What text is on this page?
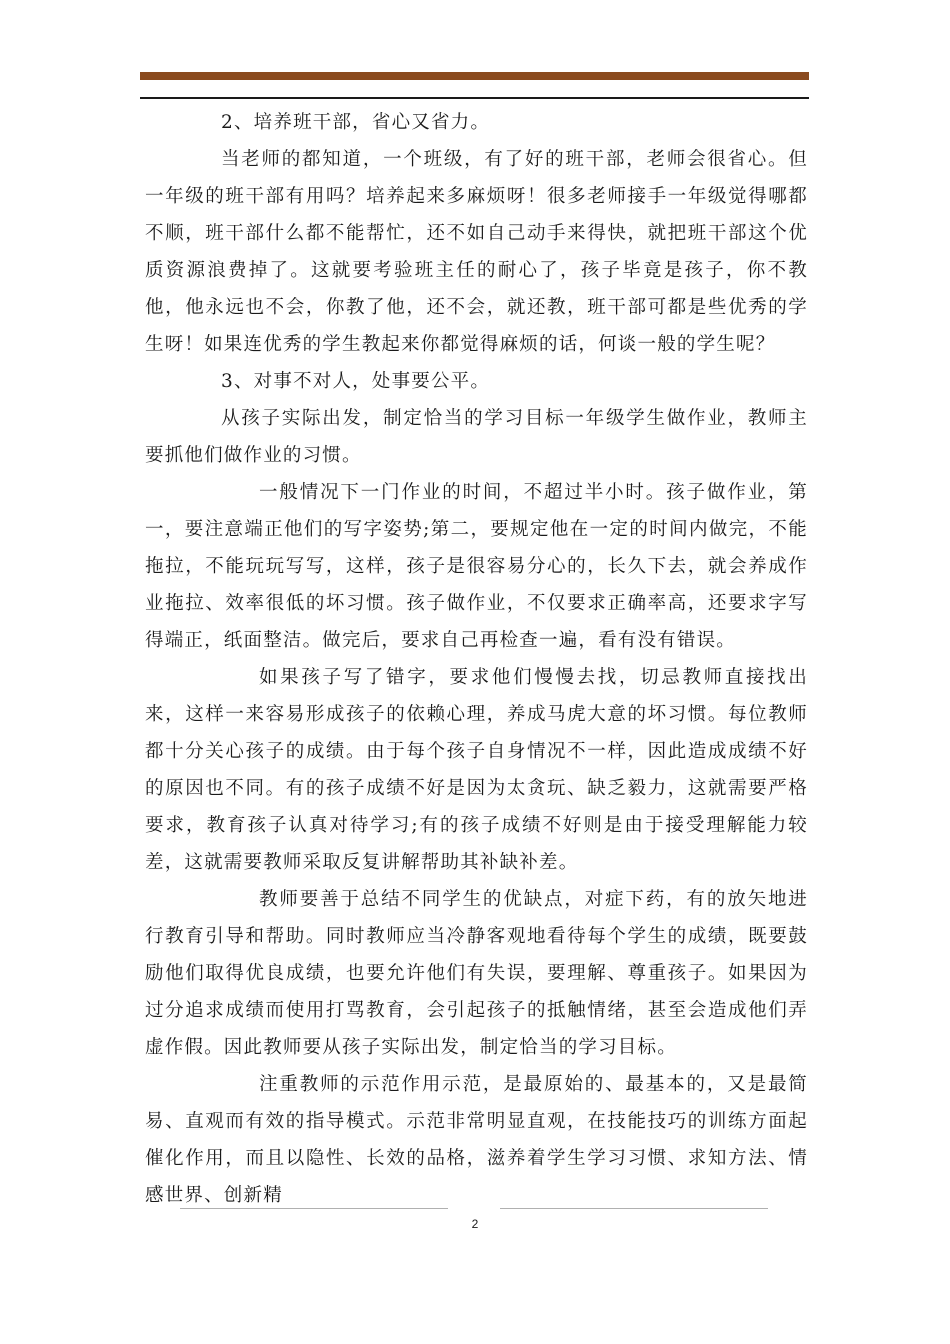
2、培养班干部，省心又省力。

当老师的都知道，一个班级，有了好的班干部，老师会很省心。但一年级的班干部有用吗？培养起来多麻烦呀！很多老师接手一年级觉得哪都不顺，班干部什么都不能帮忙，还不如自己动手来得快，就把班干部这个优质资源浪费掉了。这就要考验班主任的耐心了，孩子毕竟是孩子，你不教他，他永远也不会，你教了他，还不会，就还教，班干部可都是些优秀的学生呀！如果连优秀的学生教起来你都觉得麻烦的话，何谈一般的学生呢？

3、对事不对人，处事要公平。

从孩子实际出发，制定恰当的学习目标一年级学生做作业，教师主要抓他们做作业的习惯。

一般情况下一门作业的时间，不超过半小时。孩子做作业，第一，要注意端正他们的写字姿势;第二，要规定他在一定的时间内做完，不能拖拉，不能玩玩写写，这样，孩子是很容易分心的，长久下去，就会养成作业拖拉、效率很低的坏习惯。孩子做作业，不仅要求正确率高，还要求字写得端正，纸面整洁。做完后，要求自己再检查一遍，看有没有错误。

如果孩子写了错字，要求他们慢慢去找，切忌教师直接找出来，这样一来容易形成孩子的依赖心理，养成马虎大意的坏习惯。每位教师都十分关心孩子的成绩。由于每个孩子自身情况不一样，因此造成成绩不好的原因也不同。有的孩子成绩不好是因为太贪玩、缺乏毅力，这就需要严格要求，教育孩子认真对待学习;有的孩子成绩不好则是由于接受理解能力较差，这就需要教师采取反复讲解帮助其补缺补差。

教师要善于总结不同学生的优缺点，对症下药，有的放矢地进行教育引导和帮助。同时教师应当冷静客观地看待每个学生的成绩，既要鼓励他们取得优良成绩，也要允许他们有失误，要理解、尊重孩子。如果因为过分追求成绩而使用打骂教育，会引起孩子的抵触情绪，甚至会造成他们弄虚作假。因此教师要从孩子实际出发，制定恰当的学习目标。

注重教师的示范作用示范，是最原始的、最基本的，又是最简易、直观而有效的指导模式。示范非常明显直观，在技能技巧的训练方面起催化作用，而且以隐性、长效的品格，滋养着学生学习习惯、求知方法、情感世界、创新精

2
